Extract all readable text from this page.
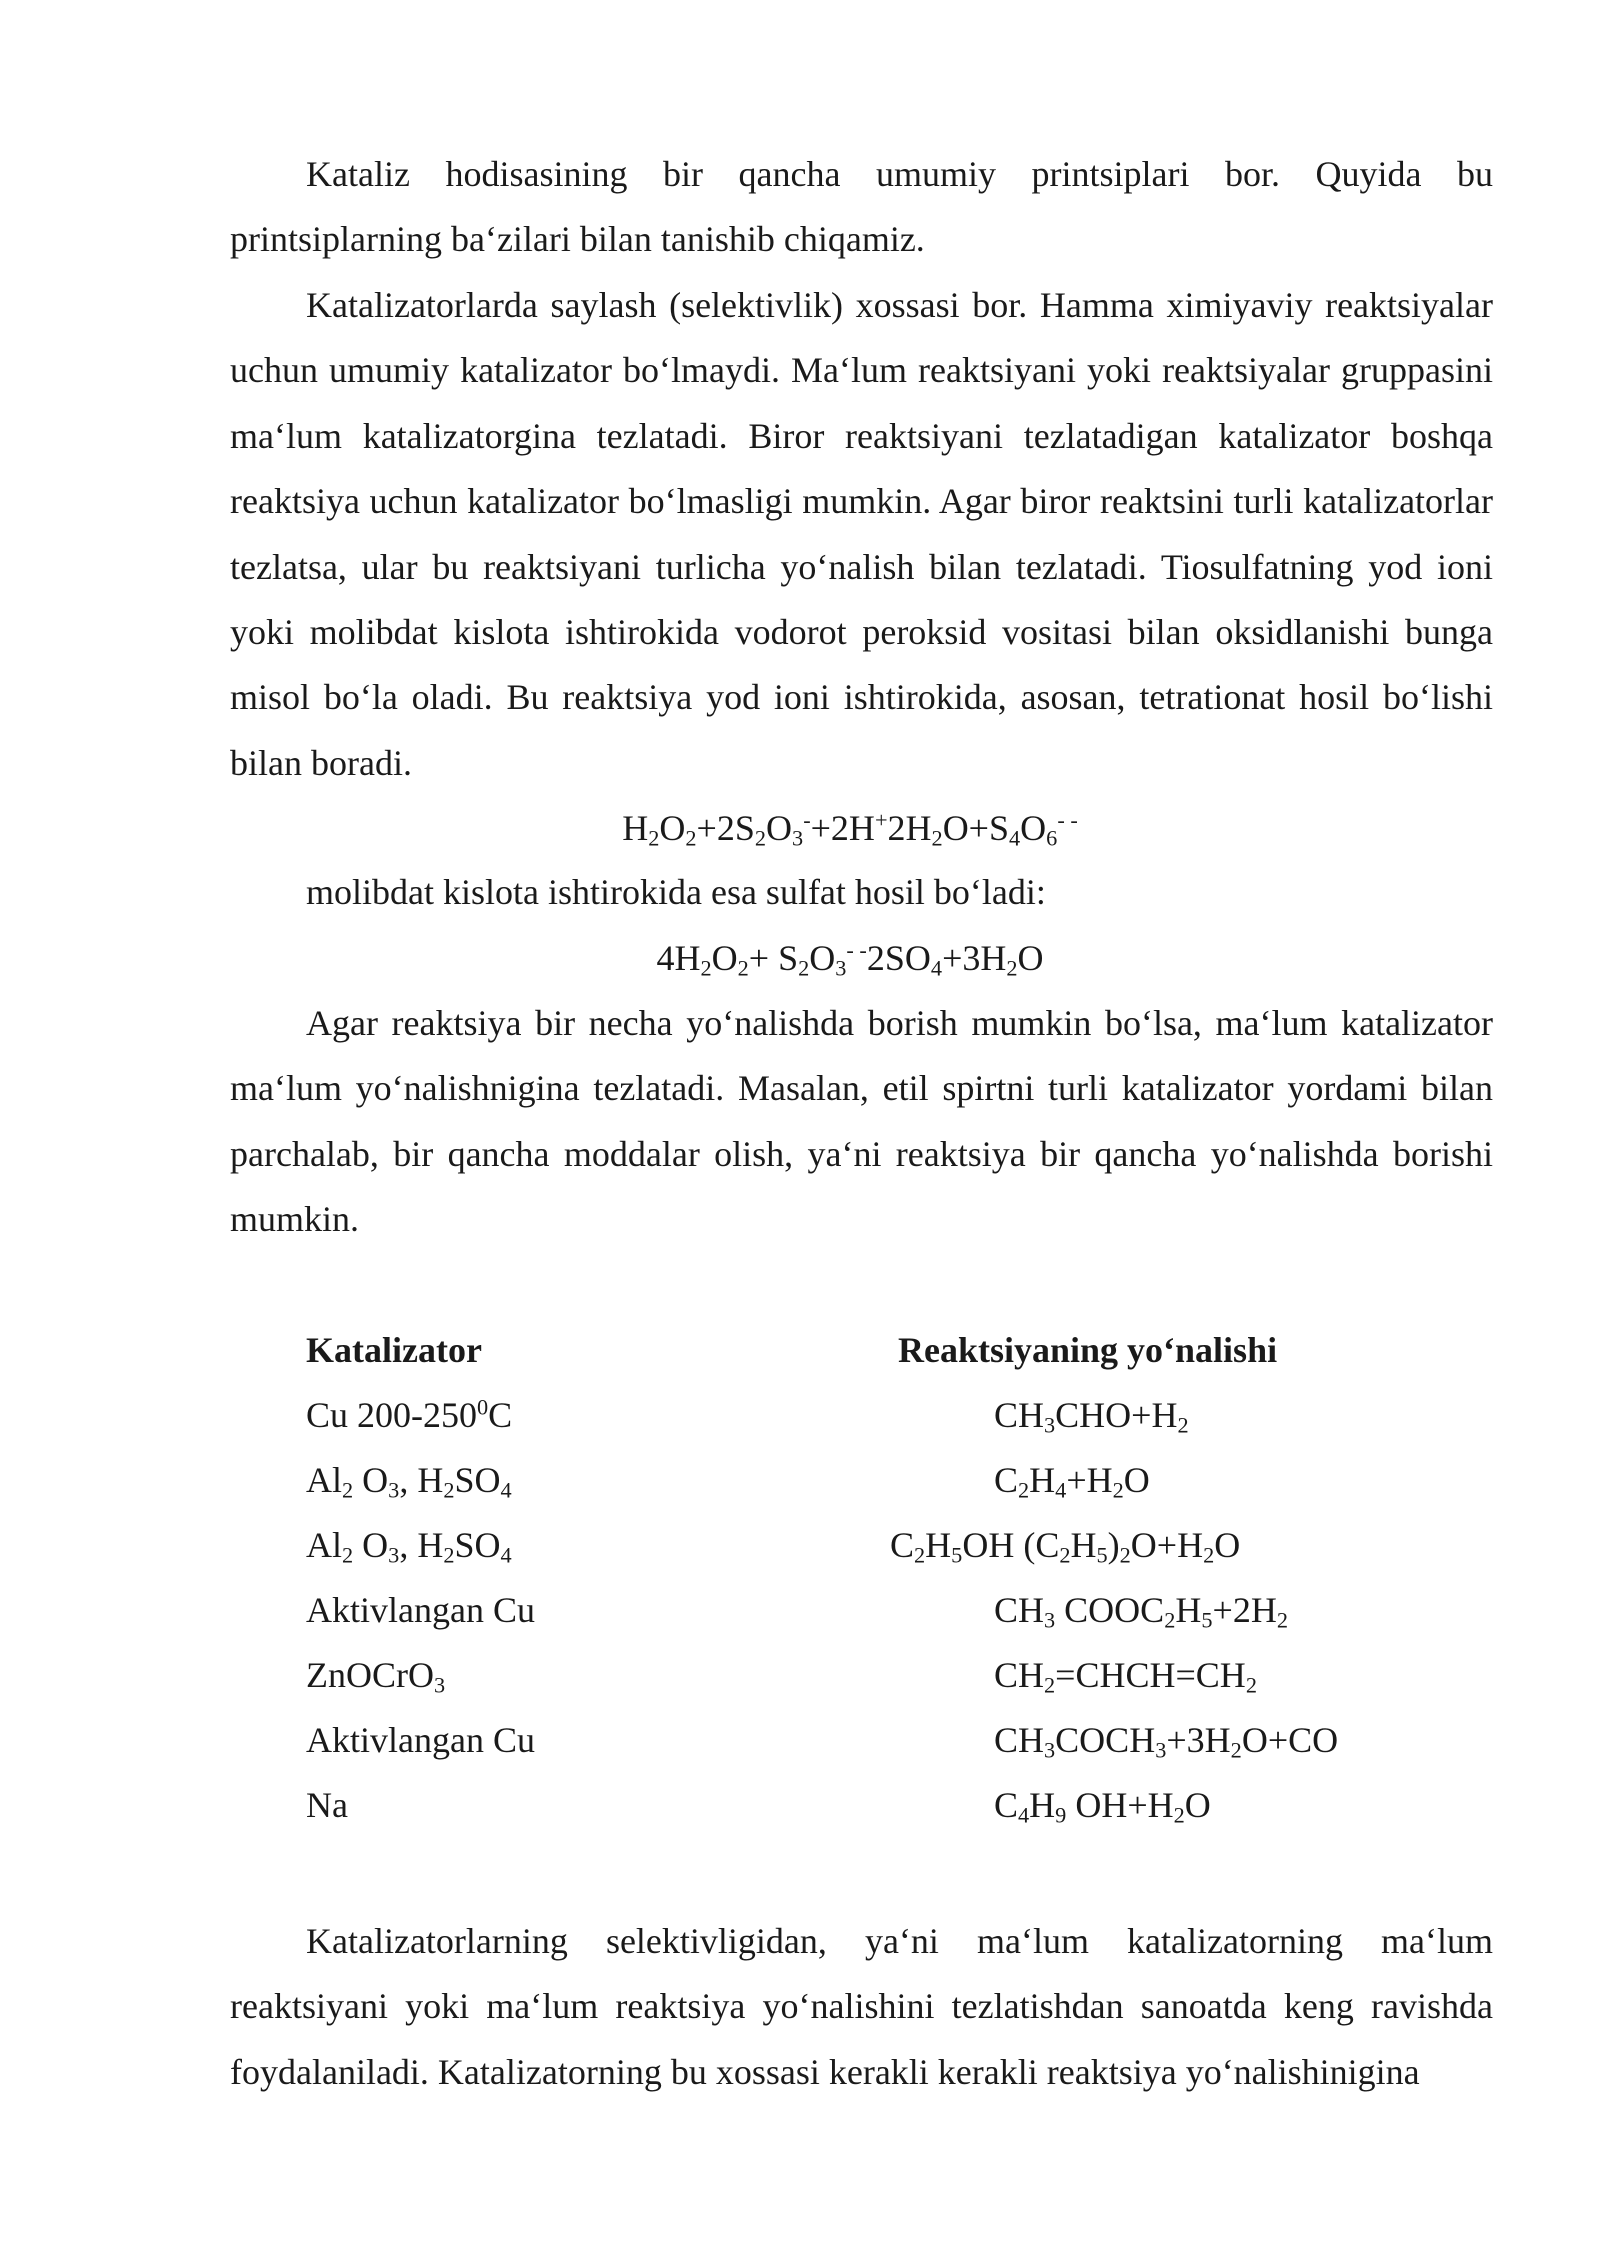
Kataliz hodisasining bir qancha umumiy printsiplari bor. Quyida bu printsiplarning ba‘zilari bilan tanishib chiqamiz.

Katalizatorlarda saylash (selektivlik) xossasi bor. Hamma ximiyaviy reaktsiyalar uchun umumiy katalizator bo‘lmaydi. Ma‘lum reaktsiyani yoki reaktsiyalar gruppasini ma‘lum katalizatorgina tezlatadi. Biror reaktsiyani tezlatadigan katalizator boshqa reaktsiya uchun katalizator bo‘lmasligi mumkin. Agar biror reaktsini turli katalizatorlar tezlatsa, ular bu reaktsiyani turlicha yo‘nalish bilan tezlatadi. Tiosulfatning yod ioni yoki molibdat kislota ishtirokida vodorot peroksid vositasi bilan oksidlanishi bunga misol bo‘la oladi. Bu reaktsiya yod ioni ishtirokida, asosan, tetrationat hosil bo‘lishi bilan boradi.

$H_2O_2+2S_2O_3^-+2H^+2H_2O+S_4O_6^{- -}$
molibdat kislota ishtirokida esa sulfat hosil bo‘ladi:
$4H_2O_2+ S_2O_3^{- -}2SO_4+3H_2O$

Agar reaktsiya bir necha yo‘nalishda borish mumkin bo‘lsa, ma‘lum katalizator ma‘lum yo‘nalishnigina tezlatadi. Masalan, etil spirtni turli katalizator yordami bilan parchalab, bir qancha moddalar olish, ya‘ni reaktsiya bir qancha yo‘nalishda borishi mumkin.

Katalizator	Reaktsiyaning yo‘nalishi
Cu $200-250^0C$	$CH_3CHO+H_2$
$Al_2$ $O_3$, $H_2SO_4$	$C_2H_4+H_2O$
$Al_2$ $O_3$, $H_2SO_4$	$C_2H_5OH$ $(C_2H_5)_2O+H_2O$
Aktivlangan Cu	$CH_3$ $COOC_2H_5+2H_2$
ZnOCrO$_3$	$CH_2=CHCH=CH_2$
Aktivlangan Cu	$CH_3COCH_3+3H_2O+CO$
Na	$C_4H_9$ $OH+H_2O$

Katalizatorlarning selektivligidan, ya‘ni ma‘lum katalizatorning ma‘lum reaktsiyani yoki ma‘lum reaktsiya yo‘nalishini tezlatishdan sanoatda keng ravishda foydalaniladi. Katalizatorning bu xossasi kerakli kerakli reaktsiya yo‘nalishinigina
